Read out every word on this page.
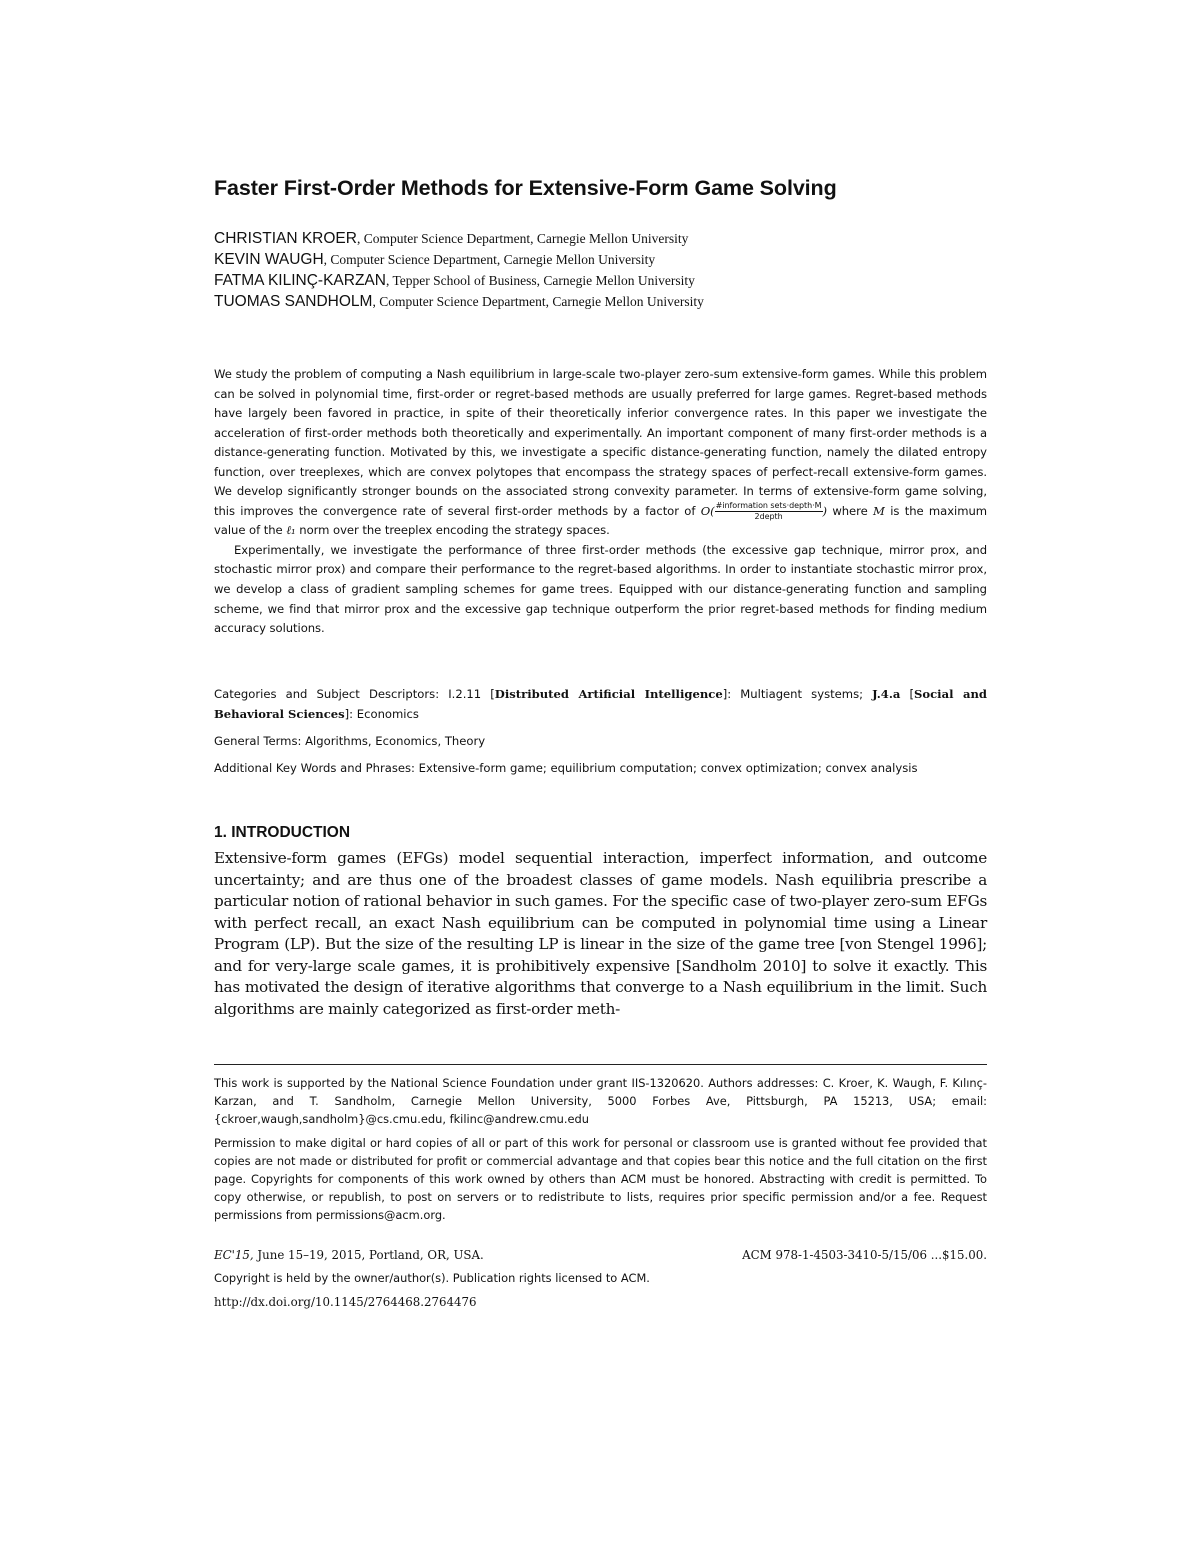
Faster First-Order Methods for Extensive-Form Game Solving
CHRISTIAN KROER, Computer Science Department, Carnegie Mellon University
KEVIN WAUGH, Computer Science Department, Carnegie Mellon University
FATMA KILINÇ-KARZAN, Tepper School of Business, Carnegie Mellon University
TUOMAS SANDHOLM, Computer Science Department, Carnegie Mellon University

We study the problem of computing a Nash equilibrium in large-scale two-player zero-sum extensive-form games. While this problem can be solved in polynomial time, first-order or regret-based methods are usually preferred for large games. Regret-based methods have largely been favored in practice, in spite of their theoretically inferior convergence rates. In this paper we investigate the acceleration of first-order methods both theoretically and experimentally. An important component of many first-order methods is a distance-generating function. Motivated by this, we investigate a specific distance-generating function, namely the dilated entropy function, over treeplexes, which are convex polytopes that encompass the strategy spaces of perfect-recall extensive-form games. We develop significantly stronger bounds on the associated strong convexity parameter. In terms of extensive-form game solving, this improves the convergence rate of several first-order methods by a factor of $O( \frac{\text{\#information sets·depth·M}}{\text{2depth}}$ ) where M is the maximum value of the ℓ₁ norm over the treeplex encoding the strategy spaces.

Experimentally, we investigate the performance of three first-order methods (the excessive gap technique, mirror prox, and stochastic mirror prox) and compare their performance to the regret-based algorithms. In order to instantiate stochastic mirror prox, we develop a class of gradient sampling schemes for game trees. Equipped with our distance-generating function and sampling scheme, we find that mirror prox and the excessive gap technique outperform the prior regret-based methods for finding medium accuracy solutions.

Categories and Subject Descriptors: I.2.11 [Distributed Artificial Intelligence]: Multiagent systems; J.4.a [Social and Behavioral Sciences]: Economics
General Terms: Algorithms, Economics, Theory
Additional Key Words and Phrases: Extensive-form game; equilibrium computation; convex optimization; convex analysis
1. INTRODUCTION
Extensive-form games (EFGs) model sequential interaction, imperfect information, and outcome uncertainty; and are thus one of the broadest classes of game models. Nash equilibria prescribe a particular notion of rational behavior in such games. For the specific case of two-player zero-sum EFGs with perfect recall, an exact Nash equilibrium can be computed in polynomial time using a Linear Program (LP). But the size of the resulting LP is linear in the size of the game tree [von Stengel 1996]; and for very-large scale games, it is prohibitively expensive [Sandholm 2010] to solve it exactly. This has motivated the design of iterative algorithms that converge to a Nash equilibrium in the limit. Such algorithms are mainly categorized as first-order meth-

This work is supported by the National Science Foundation under grant IIS-1320620. Authors addresses: C. Kroer, K. Waugh, F. Kılınç-Karzan, and T. Sandholm, Carnegie Mellon University, 5000 Forbes Ave, Pittsburgh, PA 15213, USA; email: {ckroer,waugh,sandholm}@cs.cmu.edu, fkilinc@andrew.cmu.edu

Permission to make digital or hard copies of all or part of this work for personal or classroom use is granted without fee provided that copies are not made or distributed for profit or commercial advantage and that copies bear this notice and the full citation on the first page. Copyrights for components of this work owned by others than ACM must be honored. Abstracting with credit is permitted. To copy otherwise, or republish, to post on servers or to redistribute to lists, requires prior specific permission and/or a fee. Request permissions from permissions@acm.org.

EC'15, June 15–19, 2015, Portland, OR, USA.	ACM 978-1-4503-3410-5/15/06 ...$15.00.
Copyright is held by the owner/author(s). Publication rights licensed to ACM.
http://dx.doi.org/10.1145/2764468.2764476
